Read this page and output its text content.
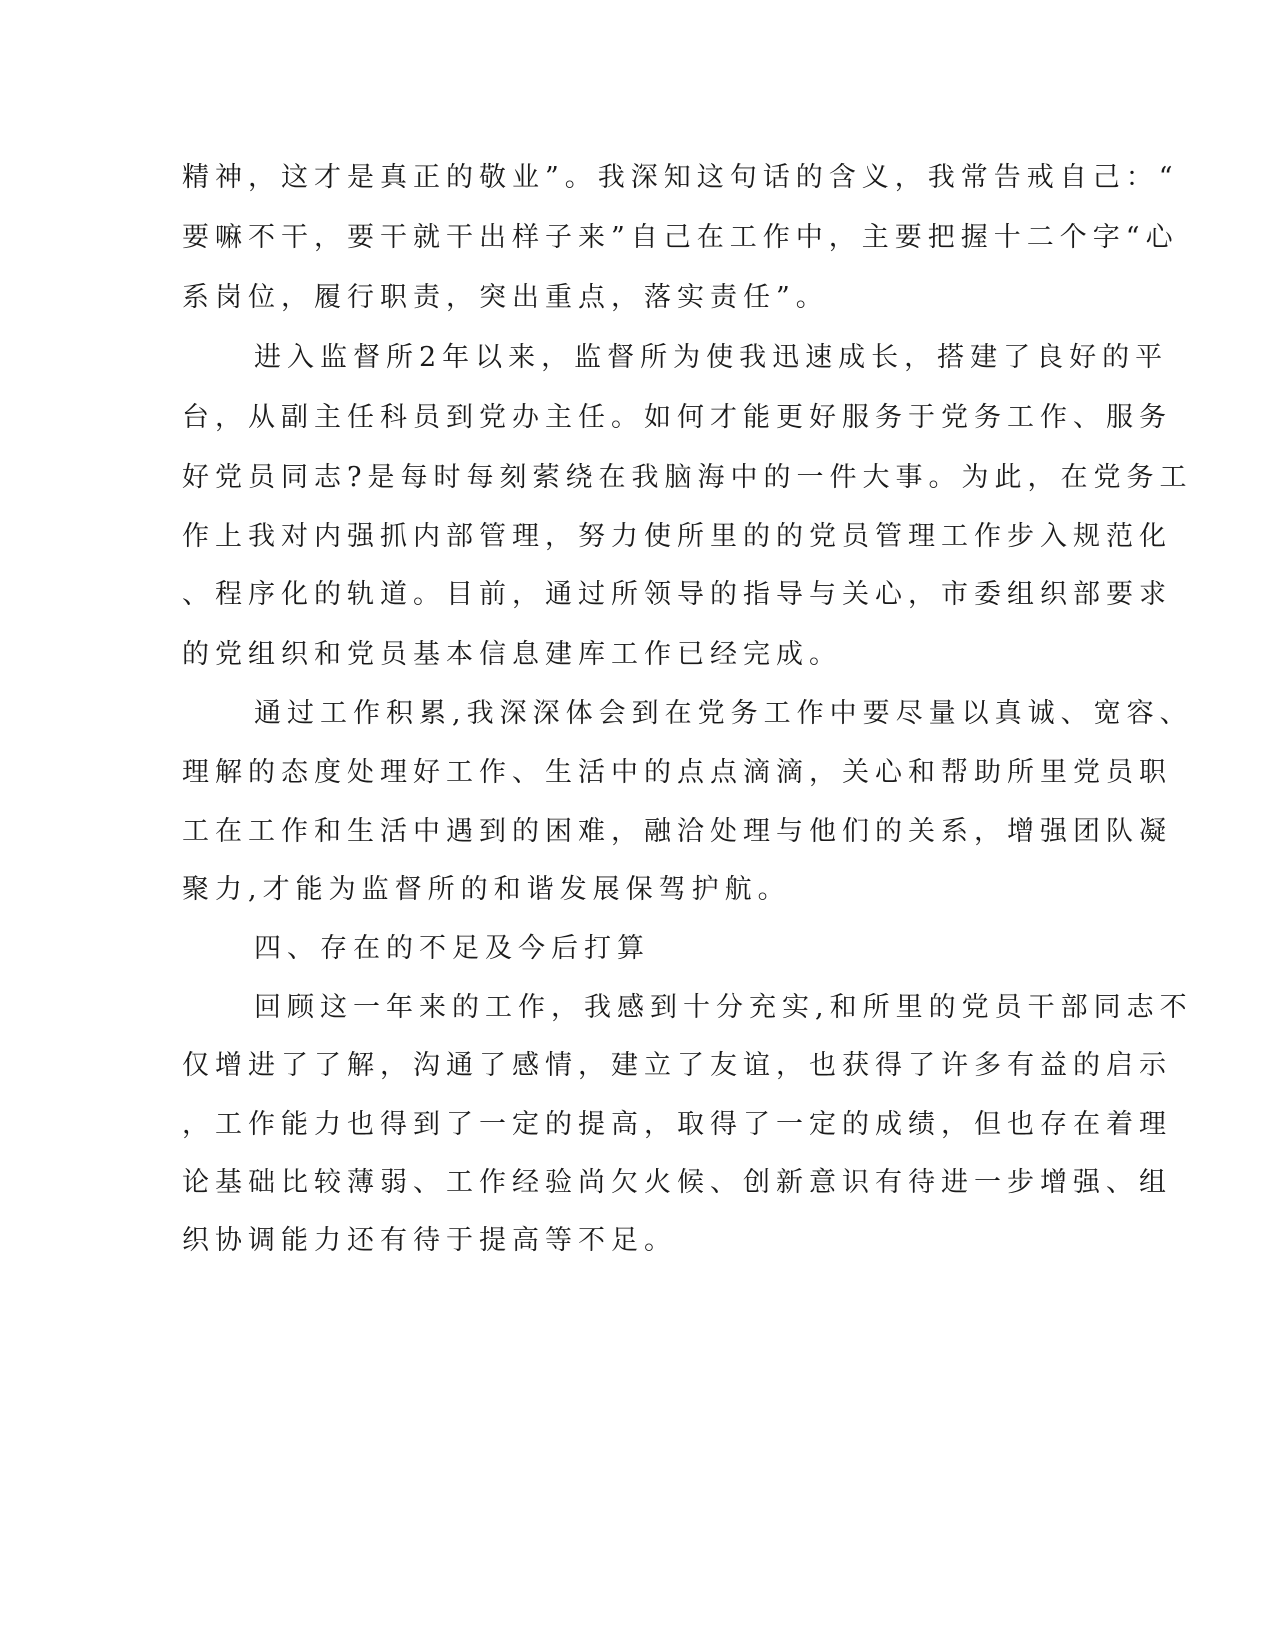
精神，这才是真正的敬业”。我深知这句话的含义，我常告戒自己：“
要嘛不干，要干就干出样子来”自己在工作中，主要把握十二个字“心
系岗位，履行职责，突出重点，落实责任”。
进入监督所2年以来，监督所为使我迅速成长，搭建了良好的平
台，从副主任科员到党办主任。如何才能更好服务于党务工作、服务
好党员同志?是每时每刻萦绕在我脑海中的一件大事。为此，在党务工
作上我对内强抓内部管理，努力使所里的的党员管理工作步入规范化
、程序化的轨道。目前，通过所领导的指导与关心，市委组织部要求
的党组织和党员基本信息建库工作已经完成。
通过工作积累,我深深体会到在党务工作中要尽量以真诚、宽容、
理解的态度处理好工作、生活中的点点滴滴，关心和帮助所里党员职
工在工作和生活中遇到的困难，融洽处理与他们的关系，增强团队凝
聚力,才能为监督所的和谐发展保驾护航。
四、存在的不足及今后打算
回顾这一年来的工作，我感到十分充实,和所里的党员干部同志不
仅增进了了解，沟通了感情，建立了友谊，也获得了许多有益的启示
，工作能力也得到了一定的提高，取得了一定的成绩，但也存在着理
论基础比较薄弱、工作经验尚欠火候、创新意识有待进一步增强、组
织协调能力还有待于提高等不足。
